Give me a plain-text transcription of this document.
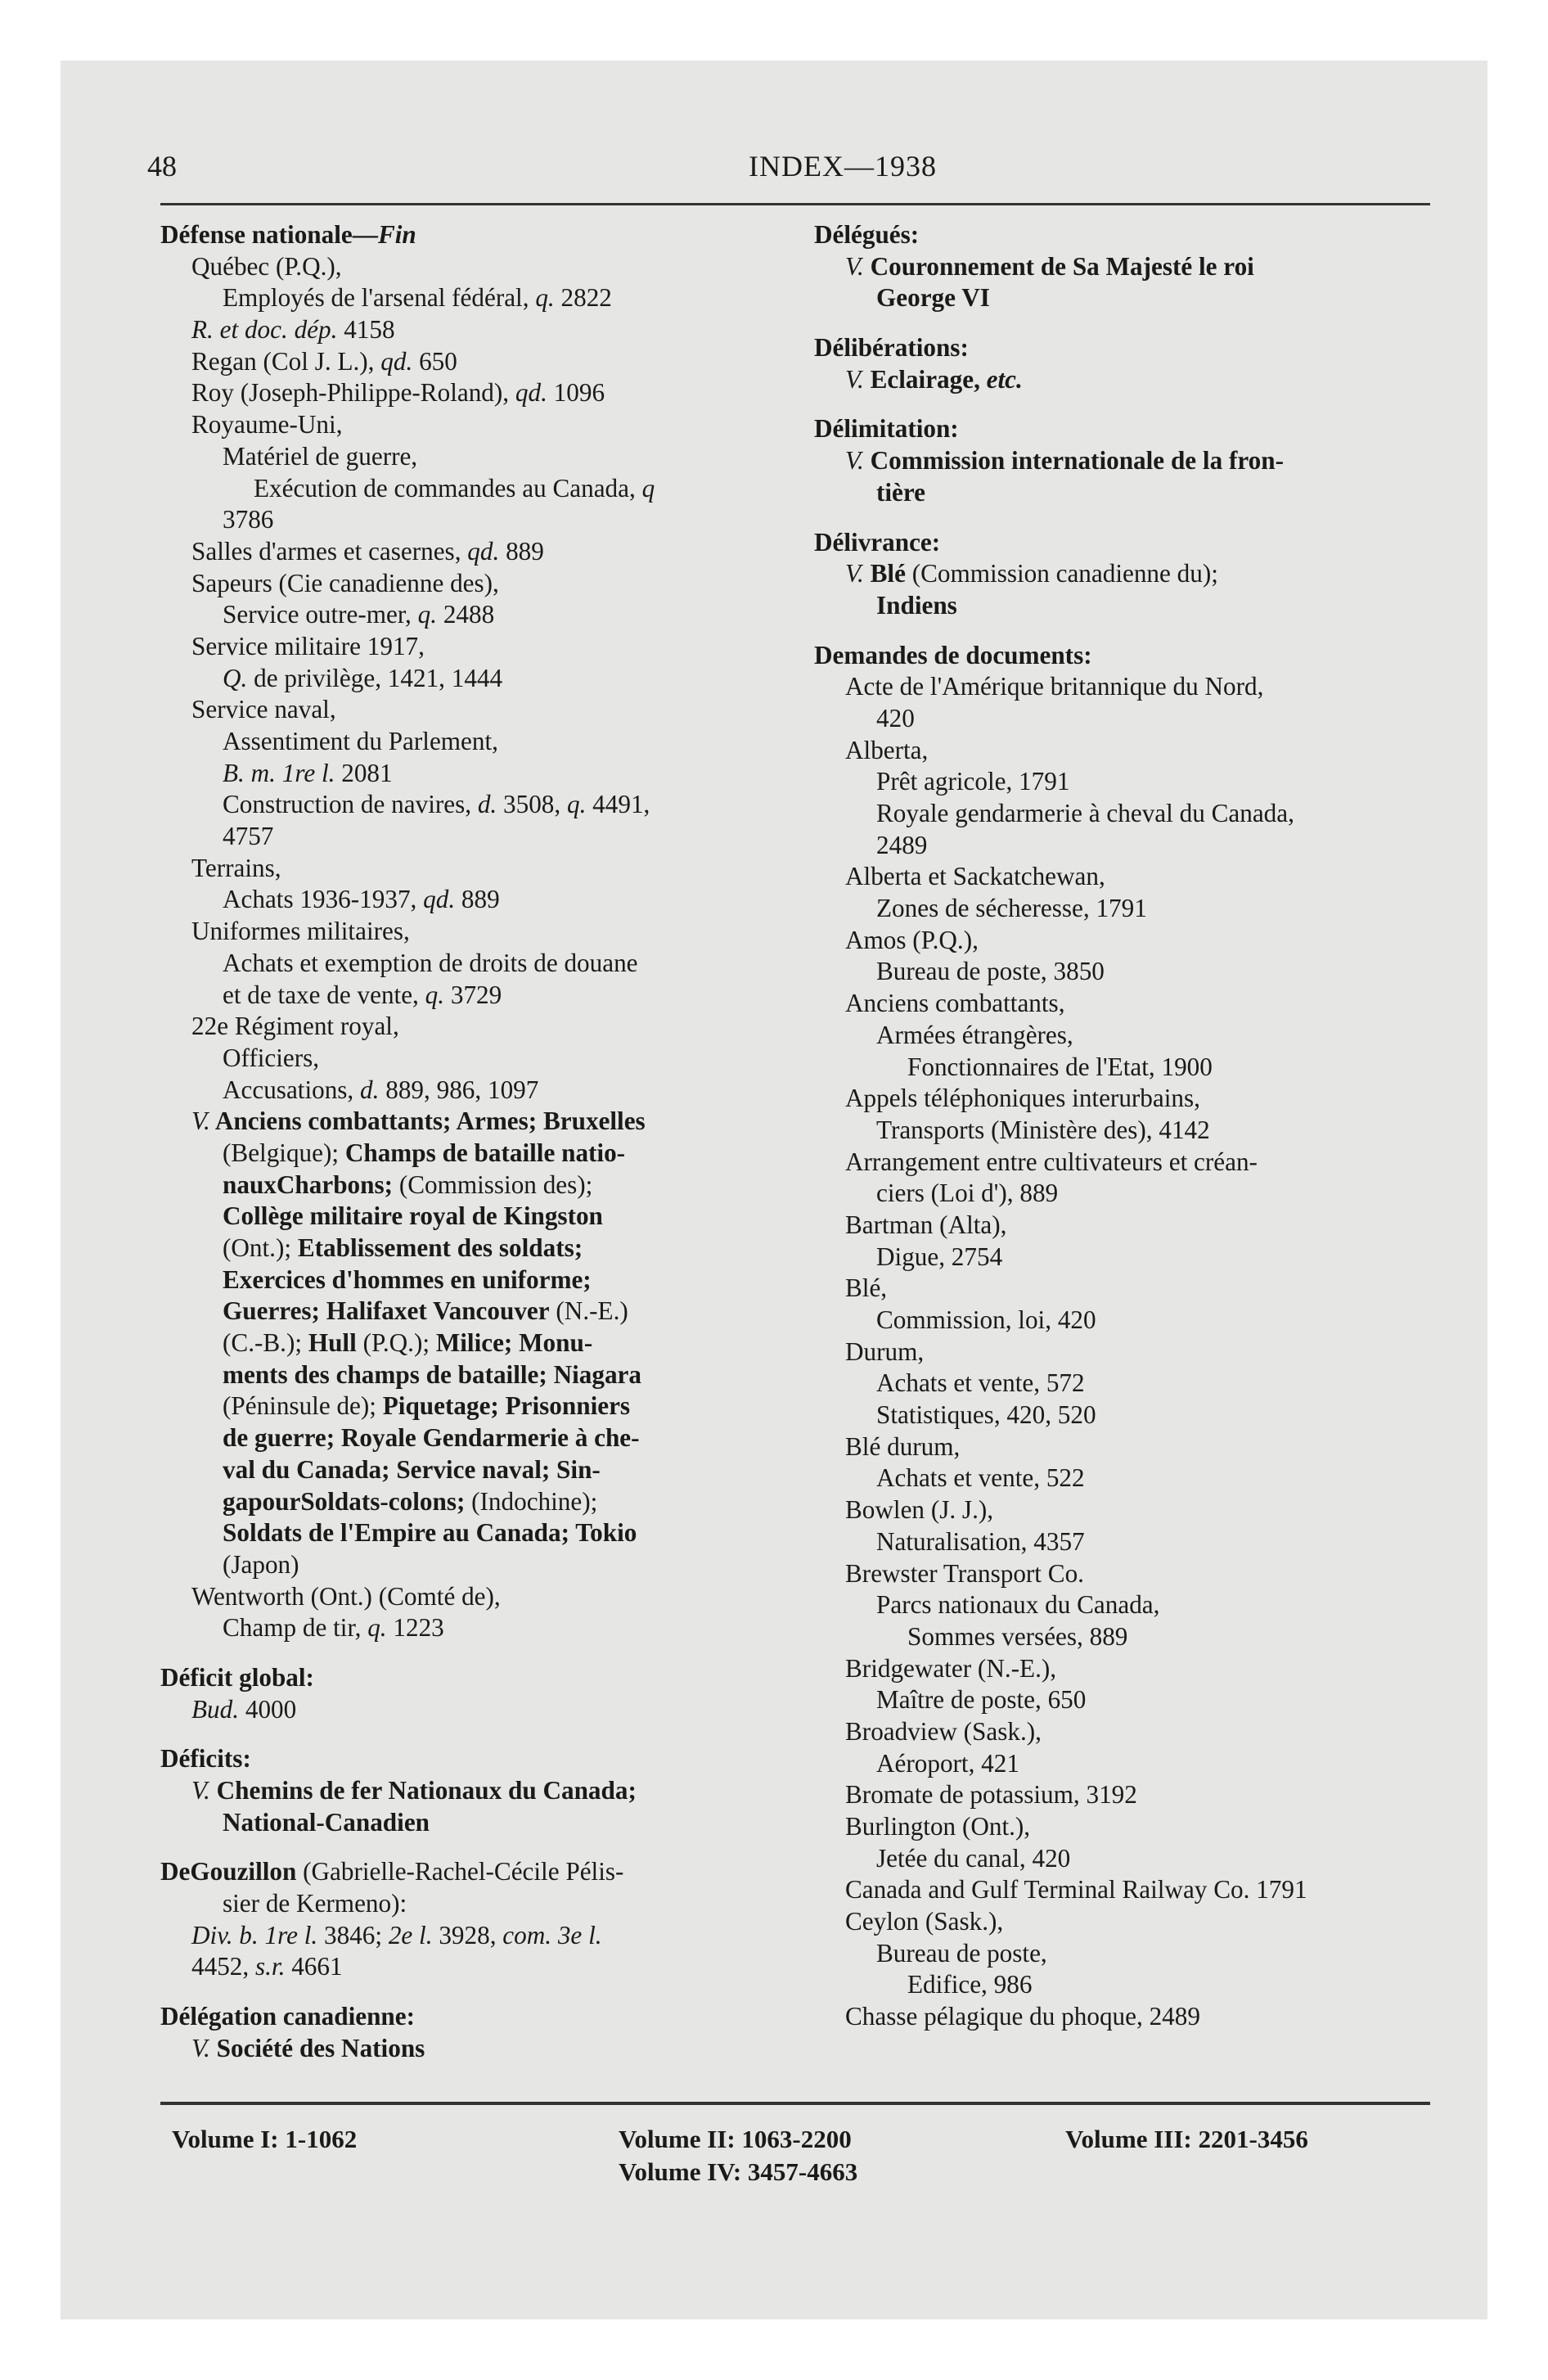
48	INDEX—1938
Défense nationale—Fin
Québec (P.Q.),
Employés de l'arsenal fédéral, q. 2822
R. et doc. dép. 4158
Regan (Col J. L.), qd. 650
Roy (Joseph-Philippe-Roland), qd. 1096
Royaume-Uni,
Matériel de guerre,
Exécution de commandes au Canada, q
3786
Salles d'armes et casernes, qd. 889
Sapeurs (Cie canadienne des),
Service outre-mer, q. 2488
Service militaire 1917,
Q. de privilège, 1421, 1444
Service naval,
Assentiment du Parlement,
B. m. 1re l. 2081
Construction de navires, d. 3508, q. 4491,
4757
Terrains,
Achats 1936-1937, qd. 889
Uniformes militaires,
Achats et exemption de droits de douane
et de taxe de vente, q. 3729
22e Régiment royal,
Officiers,
Accusations, d. 889, 986, 1097
V. Anciens combattants; Armes; Bruxelles
(Belgique); Champs de bataille natio-
nauxCharbons; (Commission des);
Collège militaire royal de Kingston
(Ont.); Etablissement des soldats;
Exercices d'hommes en uniforme;
Guerres; Halifaxet Vancouver (N.-E.)
(C.-B.); Hull (P.Q.); Milice; Monu-
ments des champs de bataille; Niagara
(Péninsule de); Piquetage; Prisonniers
de guerre; Royale Gendarmerie à che-
val du Canada; Service naval; Sin-
gapourSoldats-colons; (Indochine);
Soldats de l'Empire au Canada; Tokio
(Japon)
Wentworth (Ont.) (Comté de),
Champ de tir, q. 1223
Déficit global:
Bud. 4000
Déficits:
V. Chemins de fer Nationaux du Canada;
National-Canadien
DeGouzillon (Gabrielle-Rachel-Cécile Pélis-
sier de Kermeno):
Div. b. 1re l. 3846; 2e l. 3928, com. 3e l.
4452, s.r. 4661
Délégation canadienne:
V. Société des Nations
Délégués:
V. Couronnement de Sa Majesté le roi
George VI
Délibérations:
V. Eclairage, etc.
Délimitation:
V. Commission internationale de la fron-
tière
Délivrance:
V. Blé (Commission canadienne du);
Indiens
Demandes de documents:
Acte de l'Amérique britannique du Nord,
420
Alberta,
Prêt agricole, 1791
Royale gendarmerie à cheval du Canada,
2489
Alberta et Sackatchewan,
Zones de sécheresse, 1791
Amos (P.Q.),
Bureau de poste, 3850
Anciens combattants,
Armées étrangères,
Fonctionnaires de l'Etat, 1900
Appels téléphoniques interurbains,
Transports (Ministère des), 4142
Arrangement entre cultivateurs et créan-
ciers (Loi d'), 889
Bartman (Alta),
Digue, 2754
Blé,
Commission, loi, 420
Durum,
Achats et vente, 572
Statistiques, 420, 520
Blé durum,
Achats et vente, 522
Bowlen (J. J.),
Naturalisation, 4357
Brewster Transport Co.
Parcs nationaux du Canada,
Sommes versées, 889
Bridgewater (N.-E.),
Maître de poste, 650
Broadview (Sask.),
Aéroport, 421
Bromate de potassium, 3192
Burlington (Ont.),
Jetée du canal, 420
Canada and Gulf Terminal Railway Co. 1791
Ceylon (Sask.),
Bureau de poste,
Edifice, 986
Chasse pélagique du phoque, 2489
Volume I: 1-1062	Volume II: 1063-2200
Volume IV: 3457-4663
Volume III: 2201-3456
